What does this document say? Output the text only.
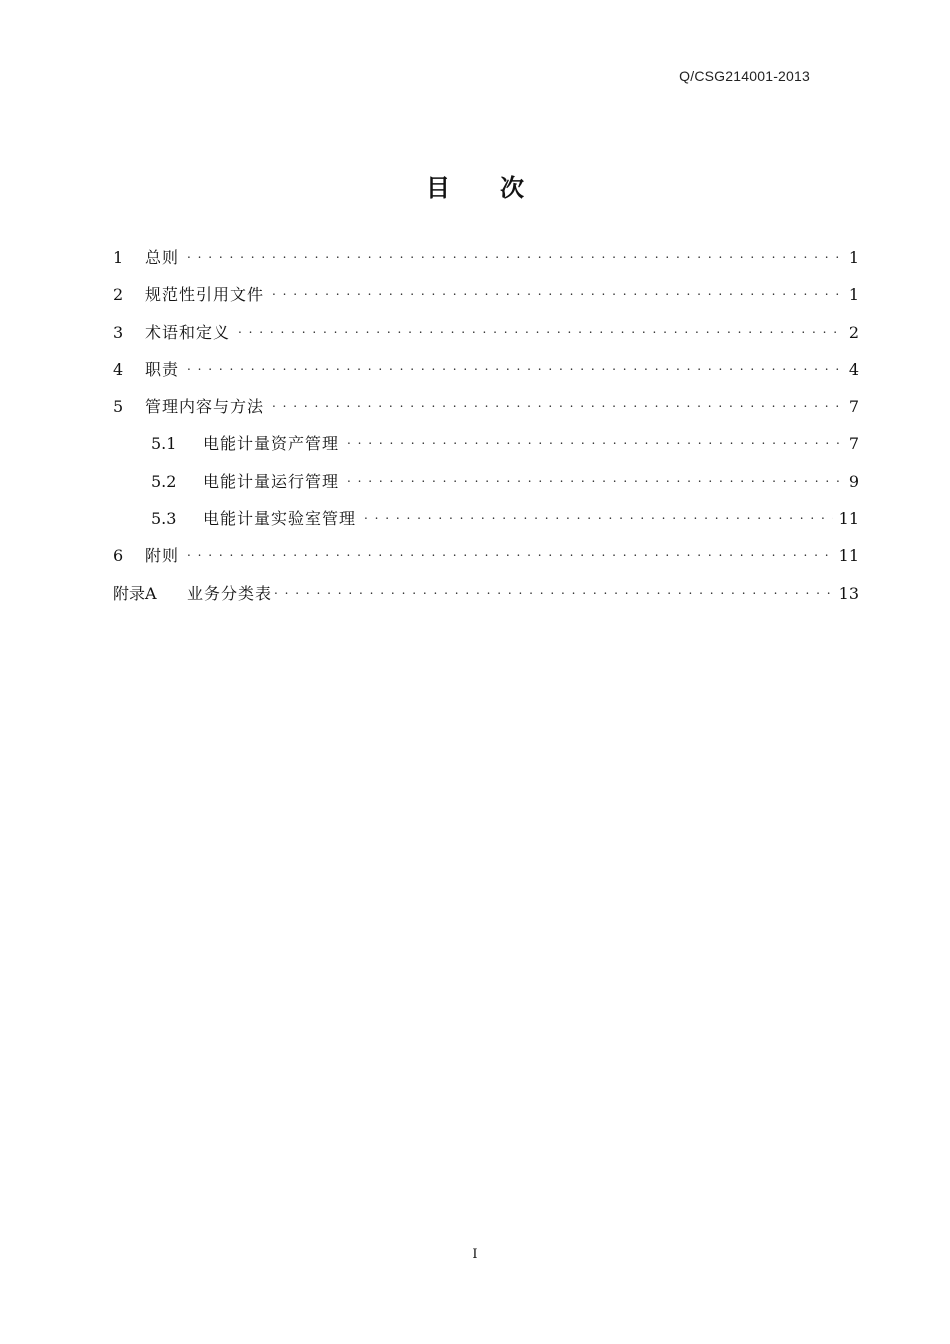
Q/CSG214001-2013
目 次
1	总则 . . .	1
2	规范性引用文件 . . .	1
3	术语和定义 . . .	2
4	职责 . . .	4
5	管理内容与方法 . . .	7
5.1	电能计量资产管理 . . .	7
5.2	电能计量运行管理 . . .	9
5.3	电能计量实验室管理 . . .	11
6	附则 . . .	11
附录A	业务分类表 . . .	13
I
